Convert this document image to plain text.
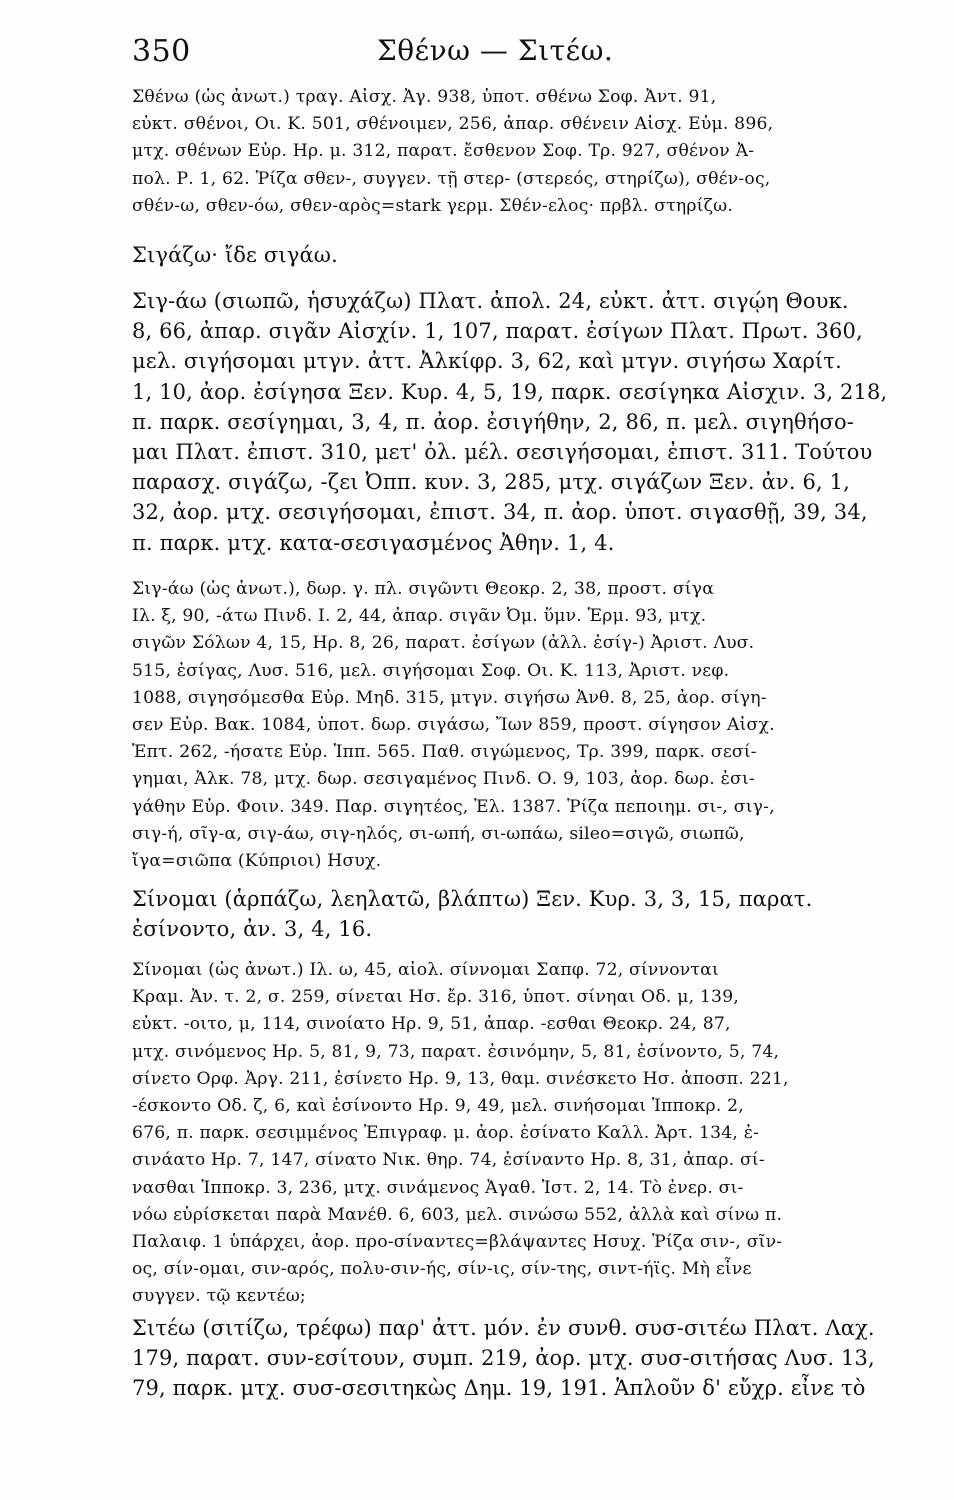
350	Σθένω — Σιτέω.
Σθένω (ὡς ἀνωτ.) τραγ. Αἰσχ. Ἀγ. 938, ὑποτ. σθένω Σοφ. Ἀντ. 91,
εὐκτ. σθένοι, Οι. Κ. 501, σθένοιμεν, 256, ἀπαρ. σθένειν Αἰσχ. Εὐμ. 896,
μτχ. σθένων Εὐρ. Ηρ. μ. 312, παρατ. ἔσθενον Σοφ. Τρ. 927, σθένον Ἀ-
πολ. Ρ. 1, 62. Ῥίζα σθεν-, συγγεν. τῇ στερ- (στερεός, στηρίζω), σθέν-ος,
σθέν-ω, σθεν-όω, σθεν-αρὸς=stark γερμ. Σθέν-ελος· πρβλ. στηρίζω.
Σιγάζω· ἴδε σιγάω.
Σιγ-άω (σιωπῶ, ἡσυχάζω) Πλατ. ἀπολ. 24, εὐκτ. ἀττ. σιγῴη Θουκ.
8, 66, ἀπαρ. σιγᾶν Αἰσχίν. 1, 107, παρατ. ἐσίγων Πλατ. Πρωτ. 360,
μελ. σιγήσομαι μτγν. ἀττ. Ἀλκίφρ. 3, 62, καὶ μτγν. σιγήσω Χαρίτ.
1, 10, ἀορ. ἐσίγησα Ξεν. Κυρ. 4, 5, 19, παρκ. σεσίγηκα Αἰσχιν. 3, 218,
π. παρκ. σεσίγημαι, 3, 4, π. ἀορ. ἐσιγήθην, 2, 86, π. μελ. σιγηθήσο-
μαι Πλατ. ἐπιστ. 310, μετ' ὀλ. μέλ. σεσιγήσομαι, ἐπιστ. 311. Τούτου
παρασχ. σιγάζω, -ζει Ὀππ. κυν. 3, 285, μτχ. σιγάζων Ξεν. ἀν. 6, 1,
32, ἀορ. μτχ. σεσιγήσομαι, ἐπιστ. 34, π. ἀορ. ὑποτ. σιγασθῇ, 39, 34,
π. παρκ. μτχ. κατα-σεσιγασμένος Ἀθην. 1, 4.
Σιγ-άω (ὡς ἀνωτ.), δωρ. γ. πλ. σιγῶντι Θεοκρ. 2, 38, προστ. σίγα
Ιλ. ξ, 90, -άτω Πινδ. Ι. 2, 44, ἀπαρ. σιγᾶν Ὀμ. ὕμν. Ἑρμ. 93, μτχ.
σιγῶν Σόλων 4, 15, Ηρ. 8, 26, παρατ. ἐσίγων (ἀλλ. ἐσίγ-) Ἀριστ. Λυσ.
515, ἐσίγας, Λυσ. 516, μελ. σιγήσομαι Σοφ. Οι. Κ. 113, Ἀριστ. νεφ.
1088, σιγησόμεσθα Εὐρ. Μηδ. 315, μτγν. σιγήσω Ἀνθ. 8, 25, ἀορ. σίγη-
σεν Εὐρ. Βακ. 1084, ὑποτ. δωρ. σιγάσω, Ἴων 859, προστ. σίγησον Αἰσχ.
Ἑπτ. 262, -ήσατε Εὐρ. Ἱππ. 565. Παθ. σιγώμενος, Τρ. 399, παρκ. σεσί-
γημαι, Ἀλκ. 78, μτχ. δωρ. σεσιγαμένος Πινδ. Ο. 9, 103, ἀορ. δωρ. ἐσι-
γάθην Εὐρ. Φοιν. 349. Παρ. σιγητέος, Ἑλ. 1387. Ῥίζα πεποιημ. σι-, σιγ-,
σιγ-ή, σῖγ-α, σιγ-άω, σιγ-ηλός, σι-ωπή, σι-ωπάω, sileo=σιγῶ, σιωπῶ,
ἴγα=σιῶπα (Κύπριοι) Ησυχ.
Σίνομαι (ἁρπάζω, λεηλατῶ, βλάπτω) Ξεν. Κυρ. 3, 3, 15, παρατ.
ἐσίνοντο, ἀν. 3, 4, 16.
Σίνομαι (ὡς ἀνωτ.) Ιλ. ω, 45, αἰολ. σίννομαι Σαπφ. 72, σίννονται
Κραμ. Ἀν. τ. 2, σ. 259, σίνεται Ησ. ἔρ. 316, ὑποτ. σίνηαι Οδ. μ, 139,
εὐκτ. -οιτο, μ, 114, σινοίατο Ηρ. 9, 51, ἀπαρ. -εσθαι Θεοκρ. 24, 87,
μτχ. σινόμενος Ηρ. 5, 81, 9, 73, παρατ. ἐσινόμην, 5, 81, ἐσίνοντο, 5, 74,
σίνετο Ορφ. Ἀργ. 211, ἐσίνετο Ηρ. 9, 13, θαμ. σινέσκετο Ησ. ἀποσπ. 221,
-έσκοντο Οδ. ζ, 6, καὶ ἐσίνοντο Ηρ. 9, 49, μελ. σινήσομαι Ἱπποκρ. 2,
676, π. παρκ. σεσιμμένος Ἐπιγραφ. μ. ἀορ. ἐσίνατο Καλλ. Ἀρτ. 134, ἐ-
σινάατο Ηρ. 7, 147, σίνατο Νικ. θηρ. 74, ἐσίναντο Ηρ. 8, 31, ἀπαρ. σί-
νασθαι Ἱπποκρ. 3, 236, μτχ. σινάμενος Ἀγαθ. Ἱστ. 2, 14. Τὸ ἐνερ. σι-
νόω εὑρίσκεται παρὰ Μανέθ. 6, 603, μελ. σινώσω 552, ἀλλὰ καὶ σίνω π.
Παλαιφ. 1 ὑπάρχει, ἀορ. προ-σίναντες=βλάψαντες Ησυχ. Ῥίζα σιν-, σῖν-
ος, σίν-ομαι, σιν-αρός, πολυ-σιν-ής, σίν-ις, σίν-της, σιντ-ήϊς. Μὴ εἶνε
συγγεν. τῷ κεντέω;
Σιτέω (σιτίζω, τρέφω) παρ' ἀττ. μόν. ἐν συνθ. συσ-σιτέω Πλατ. Λαχ.
179, παρατ. συν-εσίτουν, συμπ. 219, ἀορ. μτχ. συσ-σιτήσας Λυσ. 13,
79, παρκ. μτχ. συσ-σεσιτηκὼς Δημ. 19, 191. Ἁπλοῦν δ' εὔχρ. εἶνε τὸ
